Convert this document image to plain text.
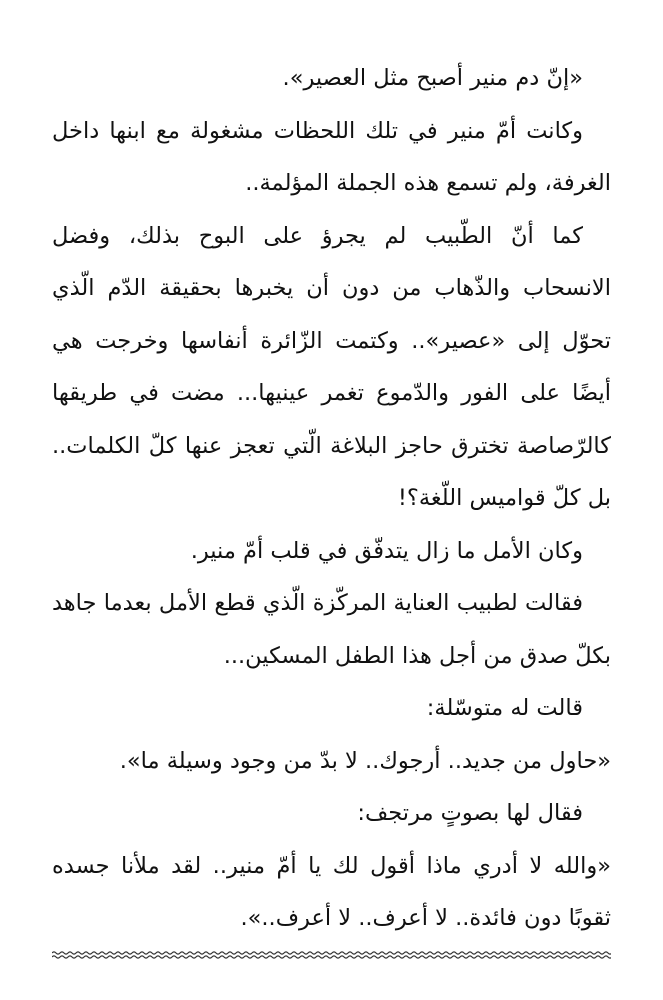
«إنّ دم منير أصبح مثل العصير».

وكانت أمّ منير في تلك اللحظات مشغولة مع ابنها داخل الغرفة، ولم تسمع هذه الجملة المؤلمة..

كما أنّ الطّبيب لم يجرؤ على البوح بذلك، وفضل الانسحاب والذّهاب من دون أن يخبرها بحقيقة الدّم الّذي تحوّل إلى «عصير».. وكتمت الزّائرة أنفاسها وخرجت هي أيضًا على الفور والدّموع تغمر عينيها... مضت في طريقها كالرّصاصة تخترق حاجز البلاغة الّتي تعجز عنها كلّ الكلمات.. بل كلّ قواميس اللّغة؟!

وكان الأمل ما زال يتدفّق في قلب أمّ منير.

فقالت لطبيب العناية المركّزة الّذي قطع الأمل بعدما جاهد بكلّ صدق من أجل هذا الطفل المسكين...

قالت له متوسّلة:

«حاول من جديد.. أرجوك.. لا بدّ من وجود وسيلة ما».

فقال لها بصوتٍ مرتجف:

«والله لا أدري ماذا أقول لك يا أمّ منير.. لقد ملأنا جسده ثقوبًا دون فائدة.. لا أعرف.. لا أعرف..».
